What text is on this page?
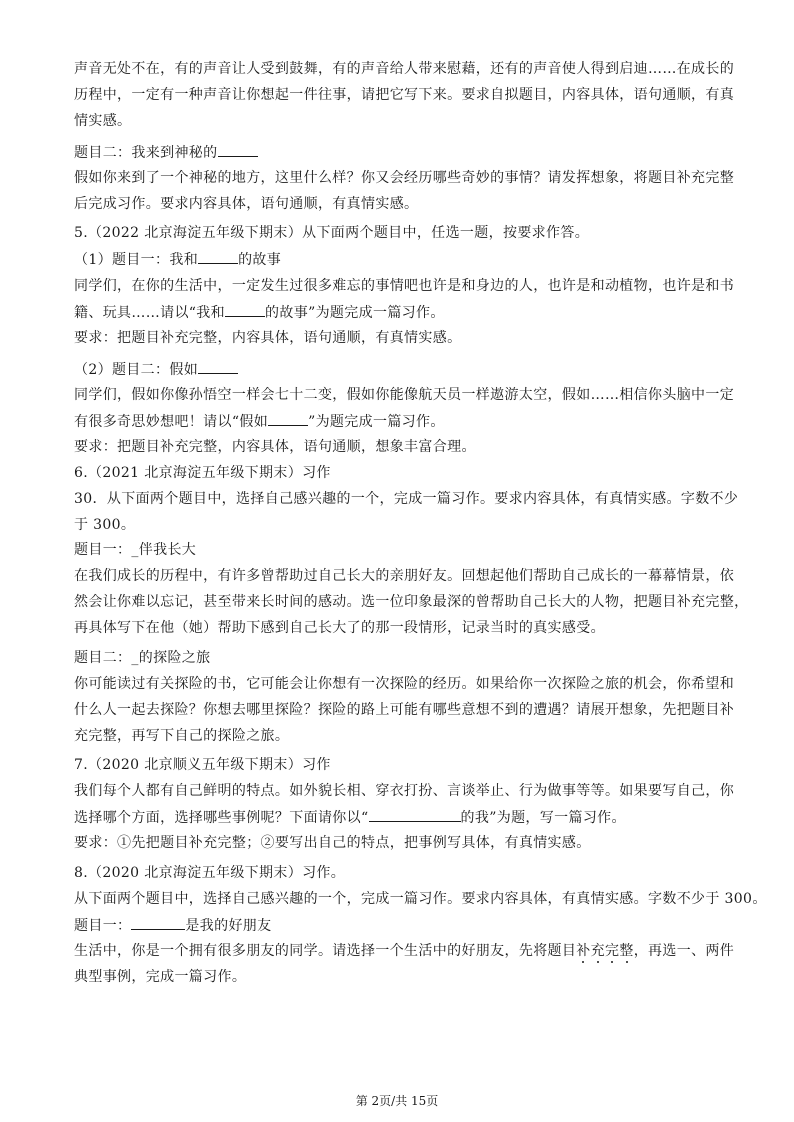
声音无处不在，有的声音让人受到鼓舞，有的声音给人带来慰藉，还有的声音使人得到启迪……在成长的

历程中，一定有一种声音让你想起一件往事，请把它写下来。要求自拟题目，内容具体，语句通顺，有真

情实感。

题目二：我来到神秘的

假如你来到了一个神秘的地方，这里什么样？你又会经历哪些奇妙的事情？请发挥想象，将题目补充完整

后完成习作。要求内容具体，语句通顺，有真情实感。

5.（2022 北京海淀五年级下期末）从下面两个题目中，任选一题，按要求作答。

（1）题目一：我和	的故事

同学们，在你的生活中，一定发生过很多难忘的事情吧也许是和身边的人，也许是和动植物，也许是和书

籍、玩具……请以“我和	的故事”为题完成一篇习作。

要求：把题目补充完整，内容具体，语句通顺，有真情实感。

（2）题目二：假如

同学们，假如你像孙悟空一样会七十二变，假如你能像航天员一样遨游太空，假如……相信你头脑中一定

有很多奇思妙想吧！请以“假如	”为题完成一篇习作。

要求：把题目补充完整，内容具体，语句通顺，想象丰富合理。

6.（2021 北京海淀五年级下期末）习作

30．从下面两个题目中，选择自己感兴趣的一个，完成一篇习作。要求内容具体，有真情实感。字数不少

于 300。

题目一：_伴我长大

在我们成长的历程中，有许多曾帮助过自己长大的亲朋好友。回想起他们帮助自己成长的一幕幕情景，依

然会让你难以忘记，甚至带来长时间的感动。选一位印象最深的曾帮助自己长大的人物，把题目补充完整，

再具体写下在他（她）帮助下感到自己长大了的那一段情形，记录当时的真实感受。

题目二：_的探险之旅

你可能读过有关探险的书，它可能会让你想有一次探险的经历。如果给你一次探险之旅的机会，你希望和

什么人一起去探险？你想去哪里探险？探险的路上可能有哪些意想不到的遭遇？请展开想象，先把题目补

充完整，再写下自己的探险之旅。

7.（2020 北京顺义五年级下期末）习作

我们每个人都有自己鲜明的特点。如外貌长相、穿衣打扮、言谈举止、行为做事等等。如果要写自己，你

选择哪个方面，选择哪些事例呢？下面请你以“	的我”为题，写一篇习作。

要求：①先把题目补充完整；②要写出自己的特点，把事例写具体，有真情实感。

8.（2020 北京海淀五年级下期末）习作。

从下面两个题目中，选择自己感兴趣的一个，完成一篇习作。要求内容具体，有真情实感。字数不少于 300。

题目一：	是我的好朋友

生活中，你是一个拥有很多朋友的同学。请选择一个生活中的好朋友，先将题目补充完整，再选一、两件

典型事例，完成一篇习作。

第 2页/共 15页
